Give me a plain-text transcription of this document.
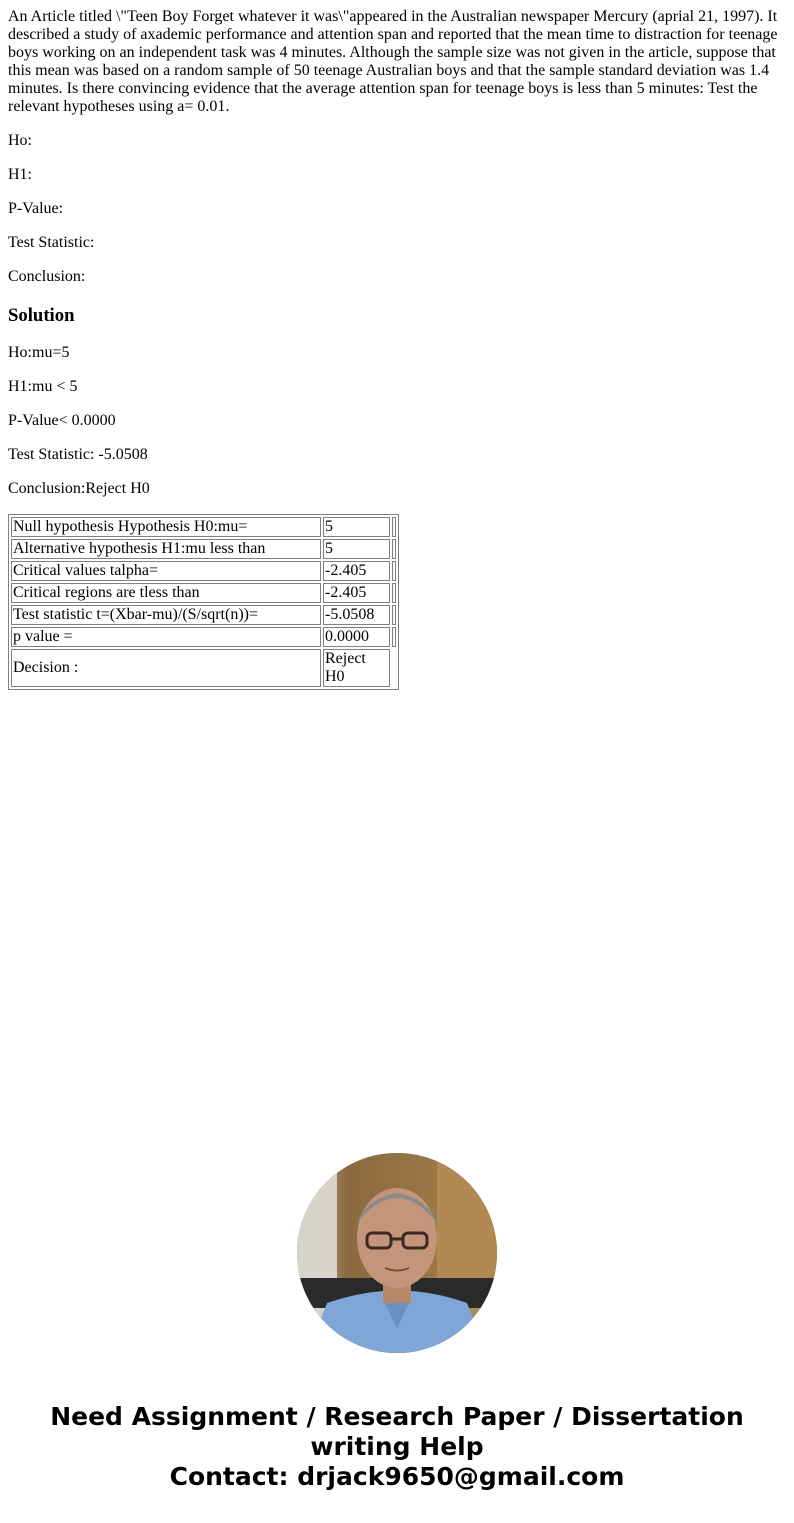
An Article titled \"Teen Boy Forget whatever it was\"appeared in the Australian newspaper Mercury (aprial 21, 1997). It described a study of axademic performance and attention span and reported that the mean time to distraction for teenage boys working on an independent task was 4 minutes. Although the sample size was not given in the article, suppose that this mean was based on a random sample of 50 teenage Australian boys and that the sample standard deviation was 1.4 minutes. Is there convincing evidence that the average attention span for teenage boys is less than 5 minutes: Test the relevant hypotheses using a= 0.01.

Ho:

H1:

P-Value:

Test Statistic:

Conclusion:

Solution

Ho:mu=5

H1:mu < 5

P-Value< 0.0000

Test Statistic: -5.0508

Conclusion:Reject H0

Null hypothesis Hypothesis H0:mu=	5	
Alternative hypothesis H1:mu less than	5	
Critical values talpha=	-2.405	
Critical regions are tless than	-2.405	
Test statistic t=(Xbar-mu)/(S/sqrt(n))=	-5.0508	
p value =	0.0000	
Decision :	Reject H0	
Need Assignment / Research Paper / Dissertation
writing Help
Contact: drjack9650@gmail.com
